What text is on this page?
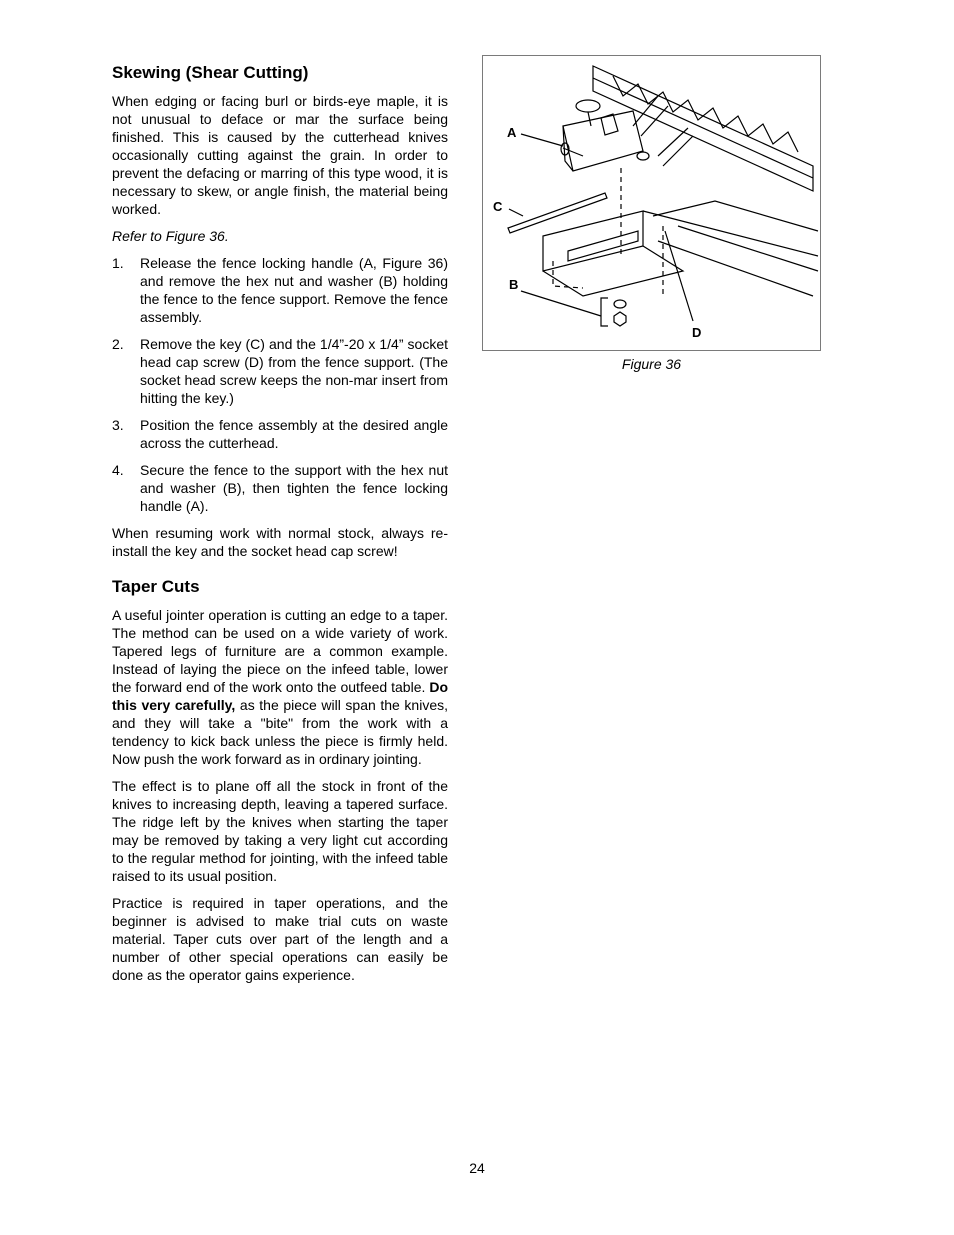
Skewing (Shear Cutting)

When edging or facing burl or birds-eye maple, it is not unusual to deface or mar the surface being finished. This is caused by the cutterhead knives occasionally cutting against the grain. In order to prevent the defacing or marring of this type wood, it is necessary to skew, or angle finish, the material being worked.

Refer to Figure 36.

1. Release the fence locking handle (A, Figure 36) and remove the hex nut and washer (B) holding the fence to the fence support. Remove the fence assembly.
2. Remove the key (C) and the 1/4”-20 x 1/4” socket head cap screw (D) from the fence support. (The socket head screw keeps the non-mar insert from hitting the key.)
3. Position the fence assembly at the desired angle across the cutterhead.
4. Secure the fence to the support with the hex nut and washer (B), then tighten the fence locking handle (A).

When resuming work with normal stock, always re-install the key and the socket head cap screw!

Taper Cuts

A useful jointer operation is cutting an edge to a taper. The method can be used on a wide variety of work. Tapered legs of furniture are a common example. Instead of laying the piece on the infeed table, lower the forward end of the work onto the outfeed table. Do this very carefully, as the piece will span the knives, and they will take a "bite" from the work with a tendency to kick back unless the piece is firmly held. Now push the work forward as in ordinary jointing.

The effect is to plane off all the stock in front of the knives to increasing depth, leaving a tapered surface. The ridge left by the knives when starting the taper may be removed by taking a very light cut according to the regular method for jointing, with the infeed table raised to its usual position.

Practice is required in taper operations, and the beginner is advised to make trial cuts on waste material. Taper cuts over part of the length and a number of other special operations can easily be done as the operator gains experience.

A
C
B
D
Figure 36
24
